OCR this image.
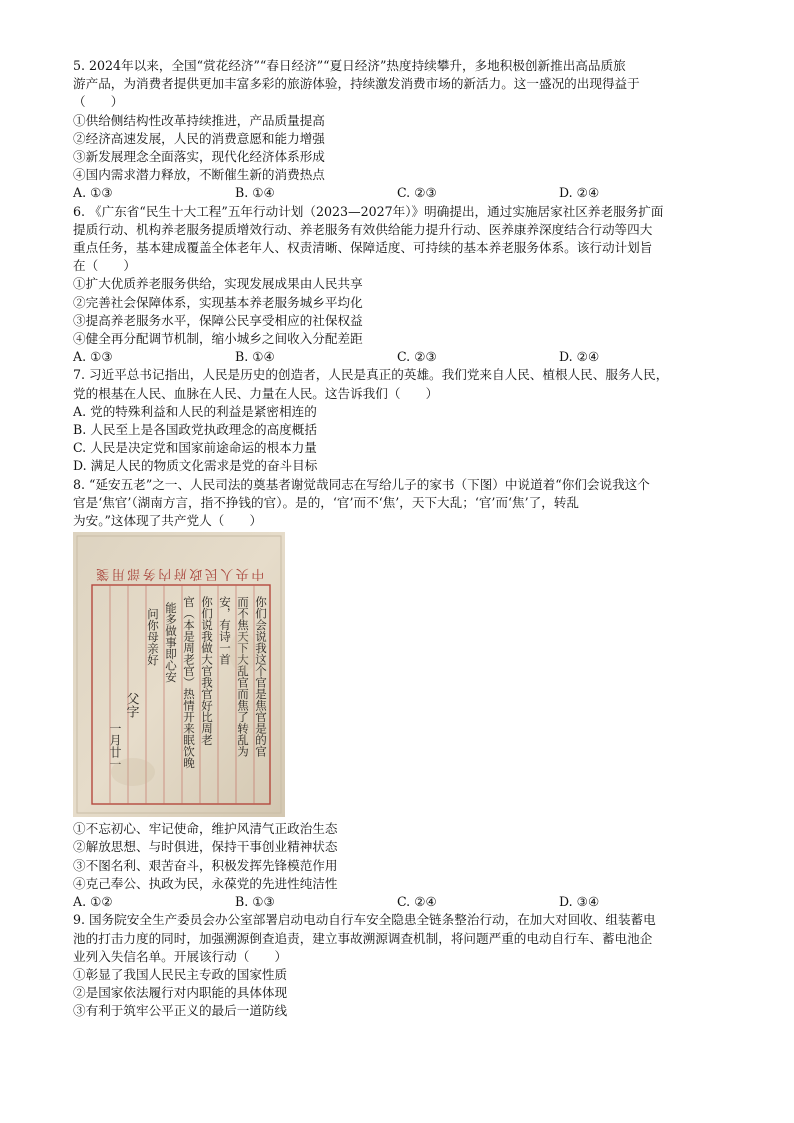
5. 2024年以来，全国“赏花经济”“春日经济”“夏日经济”热度持续攀升，多地积极创新推出高品质旅
游产品，为消费者提供更加丰富多彩的旅游体验，持续激发消费市场的新活力。这一盛况的出现得益于
（　　）
①供给侧结构性改革持续推进，产品质量提高
②经济高速发展，人民的消费意愿和能力增强
③新发展理念全面落实，现代化经济体系形成
④国内需求潜力释放，不断催生新的消费热点
A. ①③	B. ①④	C. ②③	D. ②④
6. 《广东省“民生十大工程”五年行动计划（2023—2027年）》明确提出，通过实施居家社区养老服务扩面
提质行动、机构养老服务提质增效行动、养老服务有效供给能力提升行动、医养康养深度结合行动等四大
重点任务，基本建成覆盖全体老年人、权责清晰、保障适度、可持续的基本养老服务体系。该行动计划旨
在（　　）
①扩大优质养老服务供给，实现发展成果由人民共享
②完善社会保障体系，实现基本养老服务城乡平均化
③提高养老服务水平，保障公民享受相应的社保权益
④健全再分配调节机制，缩小城乡之间收入分配差距
A. ①③	B. ①④	C. ②③	D. ②④
7. 习近平总书记指出，人民是历史的创造者，人民是真正的英雄。我们党来自人民、植根人民、服务人民，
党的根基在人民、血脉在人民、力量在人民。这告诉我们（　　）
A. 党的特殊利益和人民的利益是紧密相连的
B. 人民至上是各国政党执政理念的高度概括
C. 人民是决定党和国家前途命运的根本力量
D. 满足人民的物质文化需求是党的奋斗目标
8. “延安五老”之一、人民司法的奠基者谢觉哉同志在写给儿子的家书（下图）中说道着“你们会说我这个
官是‘焦官’（湖南方言，指不挣钱的官）。是的，‘官’而不‘焦’，天下大乱；‘官’而‘焦’了，转乱
为安。”这体现了共产党人（　　）
中央人民政府内务部用箋
你们会说我这个官是焦官是的官
而不焦天下大乱官而焦了转乱为
安，有诗一首
你们说我做大官我官好比周老
官（本是周老官）热情开来眠饮晚
能多做事即心安
问你母亲好
父字
一月廿一
①不忘初心、牢记使命，维护风清气正政治生态
②解放思想、与时俱进，保持干事创业精神状态
③不图名利、艰苦奋斗，积极发挥先锋模范作用
④克己奉公、执政为民，永葆党的先进性纯洁性
A. ①②	B. ①③	C. ②④	D. ③④
9. 国务院安全生产委员会办公室部署启动电动自行车安全隐患全链条整治行动，在加大对回收、组装蓄电
池的打击力度的同时，加强溯源倒查追责，建立事故溯源调查机制，将问题严重的电动自行车、蓄电池企
业列入失信名单。开展该行动（　　）
①彰显了我国人民民主专政的国家性质
②是国家依法履行对内职能的具体体现
③有利于筑牢公平正义的最后一道防线
